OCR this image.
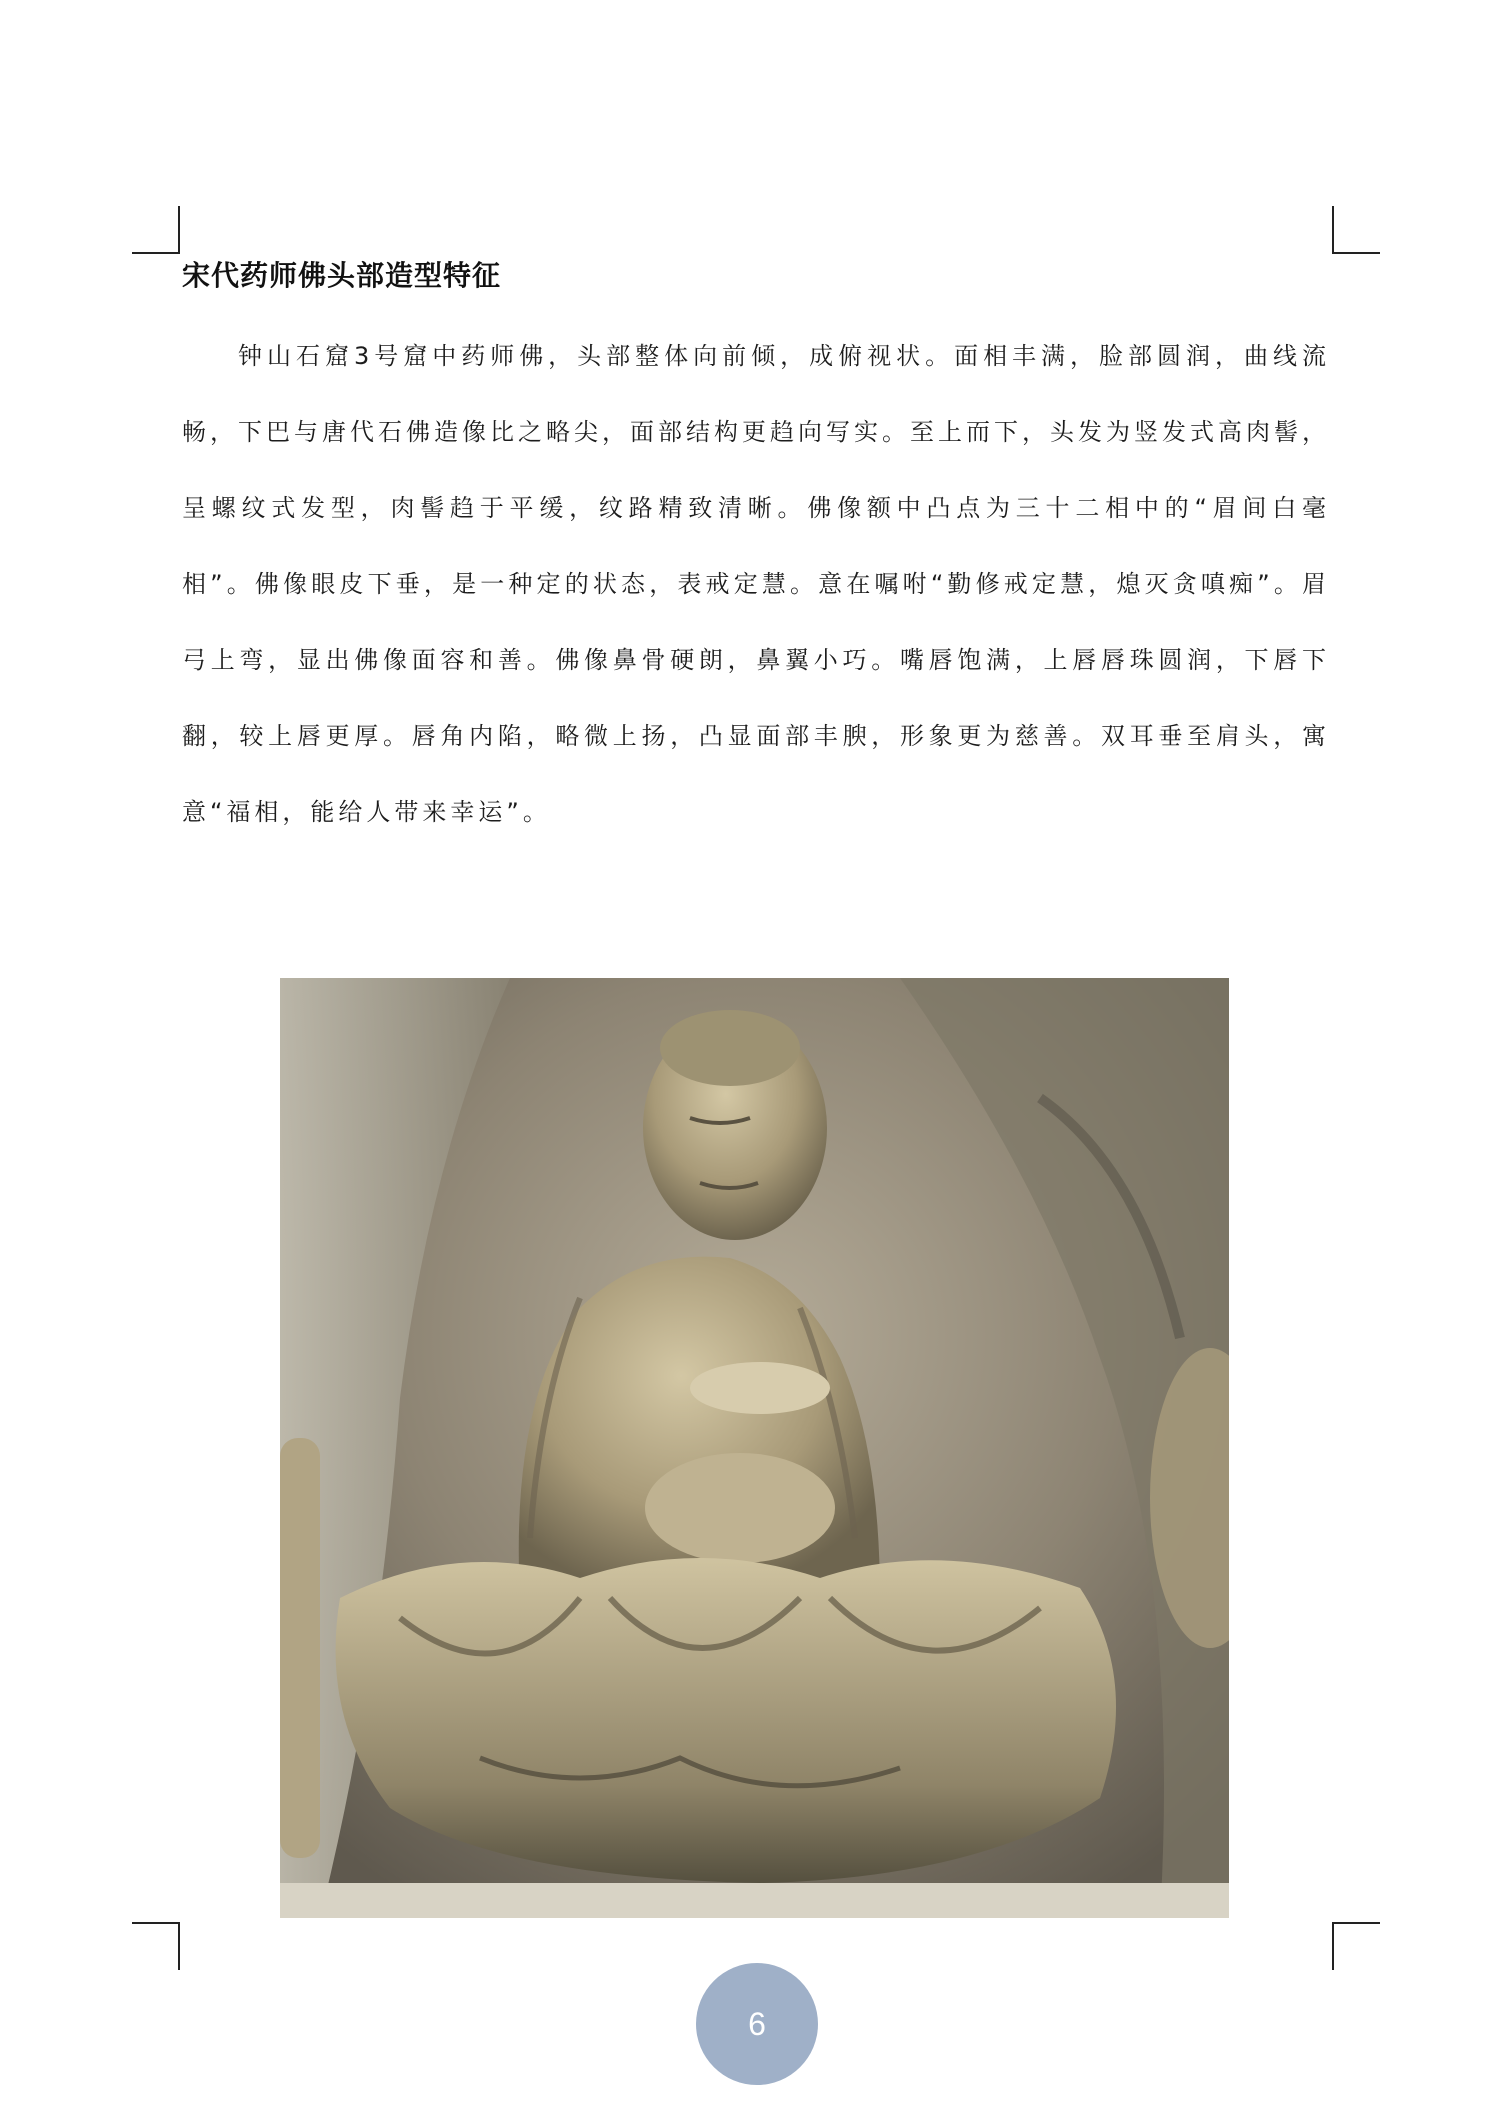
宋代药师佛头部造型特征
钟山石窟3号窟中药师佛，头部整体向前倾，成俯视状。面相丰满，脸部圆润，曲线流畅，下巴与唐代石佛造像比之略尖，面部结构更趋向写实。至上而下，头发为竖发式高肉髻，呈螺纹式发型，肉髻趋于平缓，纹路精致清晰。佛像额中凸点为三十二相中的“眉间白毫相”。佛像眼皮下垂，是一种定的状态，表戒定慧。意在嘱咐“勤修戒定慧，熄灭贪嗔痴”。眉弓上弯，显出佛像面容和善。佛像鼻骨硬朗，鼻翼小巧。嘴唇饱满，上唇唇珠圆润，下唇下翻，较上唇更厚。唇角内陷，略微上扬，凸显面部丰腴，形象更为慈善。双耳垂至肩头，寓意“福相，能给人带来幸运”。
6
